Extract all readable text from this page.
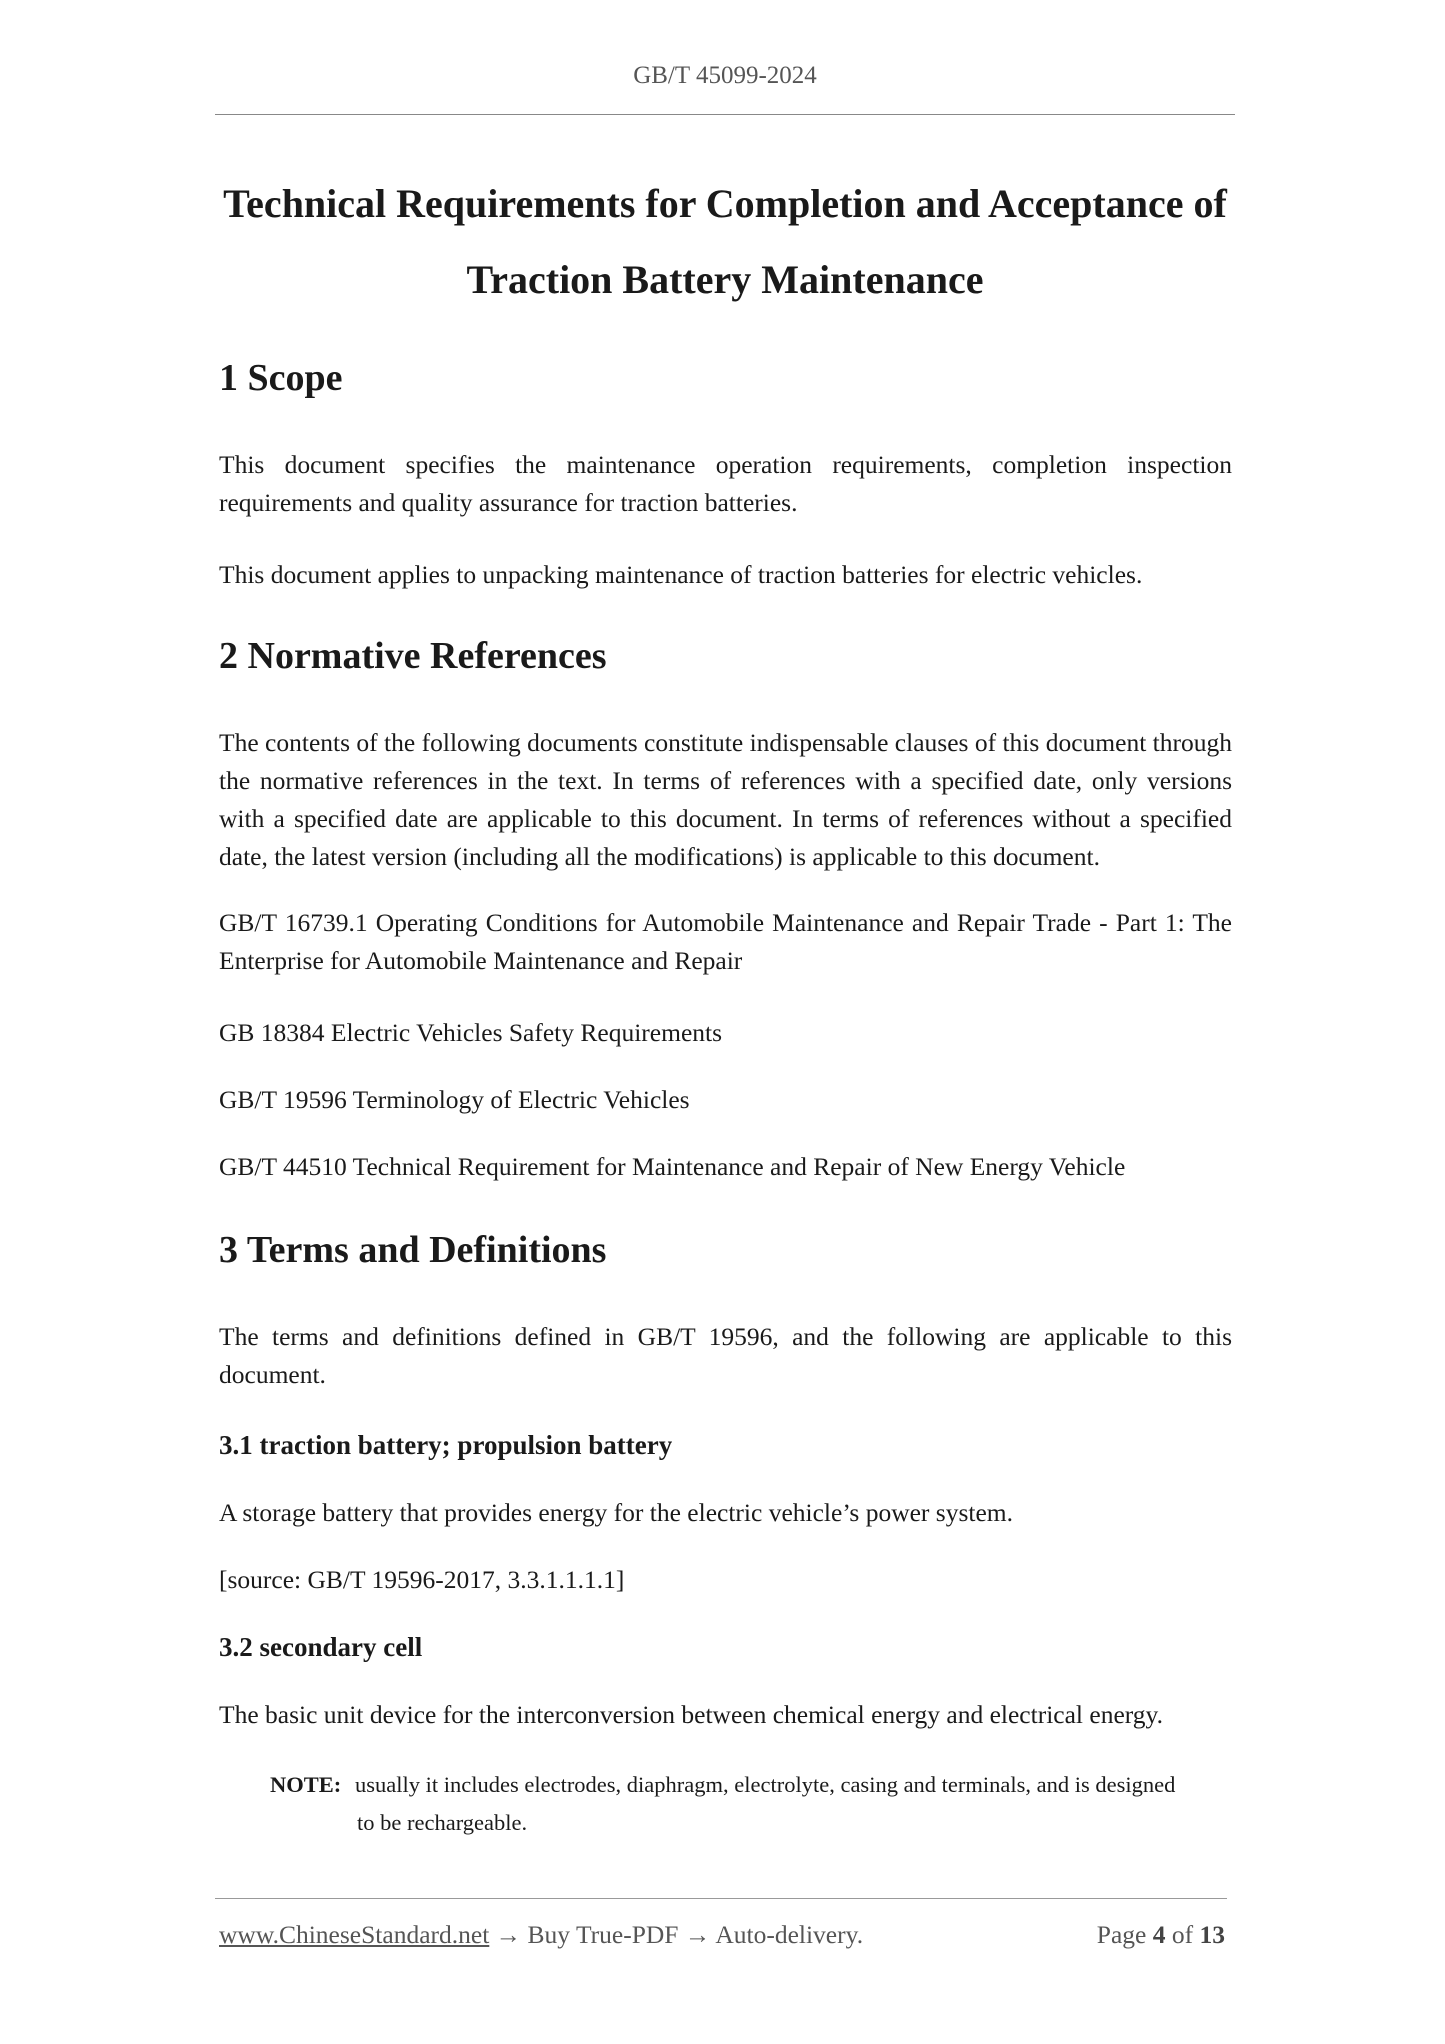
GB/T 45099-2024
Technical Requirements for Completion and Acceptance of
Traction Battery Maintenance
1 Scope

This document specifies the maintenance operation requirements, completion inspection requirements and quality assurance for traction batteries.

This document applies to unpacking maintenance of traction batteries for electric vehicles.

2 Normative References

The contents of the following documents constitute indispensable clauses of this document through the normative references in the text. In terms of references with a specified date, only versions with a specified date are applicable to this document. In terms of references without a specified date, the latest version (including all the modifications) is applicable to this document.

GB/T 16739.1 Operating Conditions for Automobile Maintenance and Repair Trade - Part 1: The Enterprise for Automobile Maintenance and Repair

GB 18384 Electric Vehicles Safety Requirements

GB/T 19596 Terminology of Electric Vehicles

GB/T 44510 Technical Requirement for Maintenance and Repair of New Energy Vehicle

3 Terms and Definitions

The terms and definitions defined in GB/T 19596, and the following are applicable to this document.

3.1 traction battery; propulsion battery

A storage battery that provides energy for the electric vehicle’s power system.

[source: GB/T 19596-2017, 3.3.1.1.1.1]

3.2 secondary cell

The basic unit device for the interconversion between chemical energy and electrical energy.

NOTE: usually it includes electrodes, diaphragm, electrolyte, casing and terminals, and is designed
to be rechargeable.
www.ChineseStandard.net → Buy True-PDF → Auto-delivery.	Page 4 of 13
